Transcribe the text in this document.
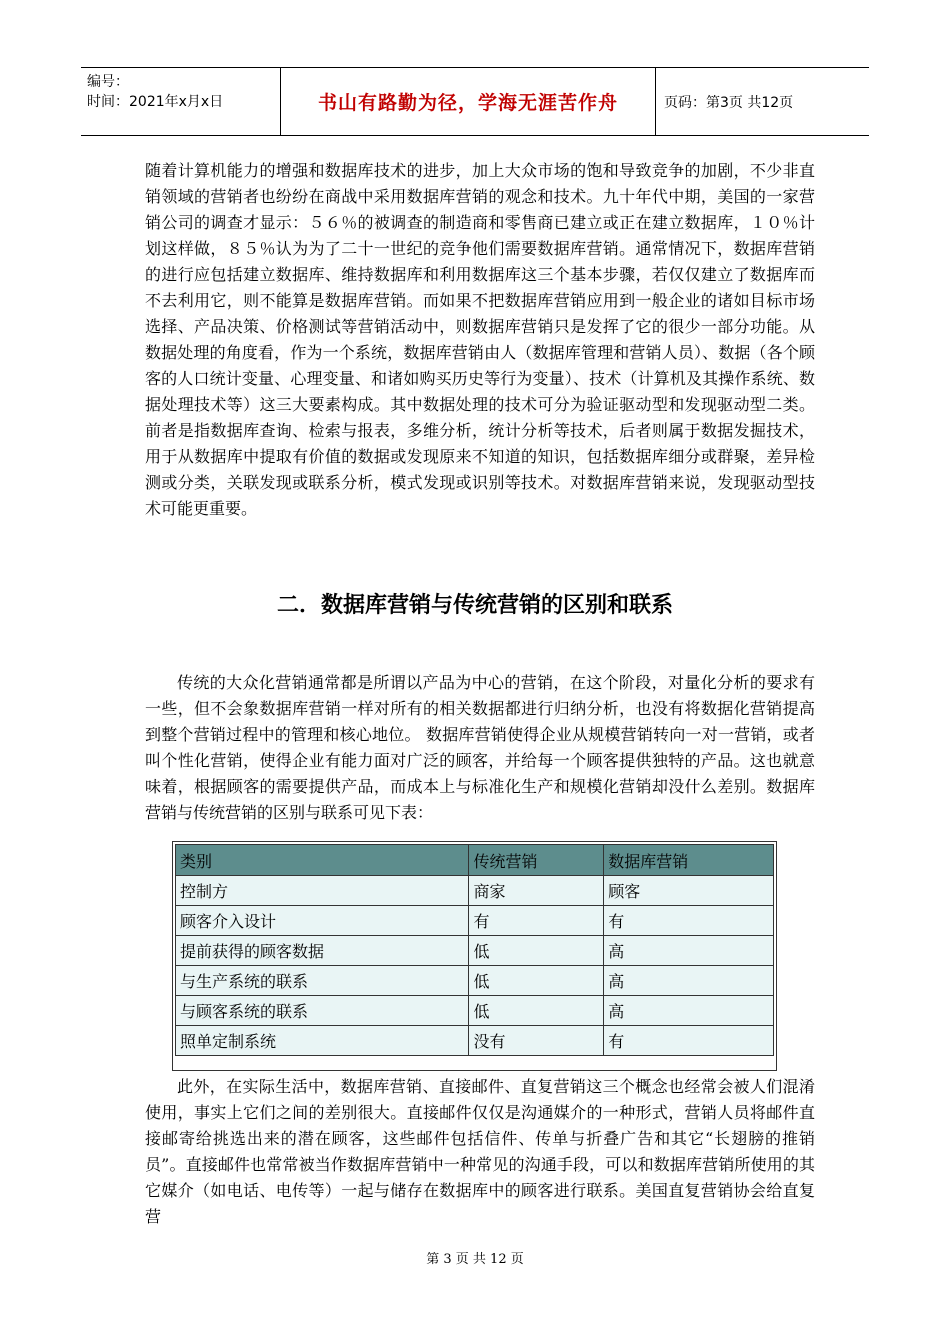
编号：
时间：2021年x月x日	书山有路勤为径，学海无涯苦作舟	页码：第3页 共12页

随着计算机能力的增强和数据库技术的进步，加上大众市场的饱和导致竞争的加剧，不少非直销领域的营销者也纷纷在商战中采用数据库营销的观念和技术。九十年代中期，美国的一家营销公司的调查才显示：５６％的被调查的制造商和零售商已建立或正在建立数据库，１０％计划这样做，８５％认为为了二十一世纪的竞争他们需要数据库营销。通常情况下，数据库营销的进行应包括建立数据库、维持数据库和利用数据库这三个基本步骤，若仅仅建立了数据库而不去利用它，则不能算是数据库营销。而如果不把数据库营销应用到一般企业的诸如目标市场选择、产品决策、价格测试等营销活动中，则数据库营销只是发挥了它的很少一部分功能。从数据处理的角度看，作为一个系统，数据库营销由人（数据库管理和营销人员）、数据（各个顾客的人口统计变量、心理变量、和诸如购买历史等行为变量）、技术（计算机及其操作系统、数据处理技术等）这三大要素构成。其中数据处理的技术可分为验证驱动型和发现驱动型二类。前者是指数据库查询、检索与报表，多维分析，统计分析等技术，后者则属于数据发掘技术，用于从数据库中提取有价值的数据或发现原来不知道的知识，包括数据库细分或群聚，差异检测或分类，关联发现或联系分析，模式发现或识别等技术。对数据库营销来说，发现驱动型技术可能更重要。

二．数据库营销与传统营销的区别和联系

传统的大众化营销通常都是所谓以产品为中心的营销，在这个阶段，对量化分析的要求有一些，但不会象数据库营销一样对所有的相关数据都进行归纳分析，也没有将数据化营销提高到整个营销过程中的管理和核心地位。 数据库营销使得企业从规模营销转向一对一营销，或者叫个性化营销，使得企业有能力面对广泛的顾客，并给每一个顾客提供独特的产品。这也就意味着，根据顾客的需要提供产品，而成本上与标准化生产和规模化营销却没什么差别。数据库营销与传统营销的区别与联系可见下表：

类别	传统营销	数据库营销
控制方	商家	顾客
顾客介入设计	有	有
提前获得的顾客数据	低	高
与生产系统的联系	低	高
与顾客系统的联系	低	高
照单定制系统	没有	有

此外，在实际生活中，数据库营销、直接邮件、直复营销这三个概念也经常会被人们混淆使用，事实上它们之间的差别很大。直接邮件仅仅是沟通媒介的一种形式，营销人员将邮件直接邮寄给挑选出来的潜在顾客，这些邮件包括信件、传单与折叠广告和其它“长翅膀的推销员”。直接邮件也常常被当作数据库营销中一种常见的沟通手段，可以和数据库营销所使用的其它媒介（如电话、电传等）一起与储存在数据库中的顾客进行联系。美国直复营销协会给直复营

第 3 页 共 12 页
